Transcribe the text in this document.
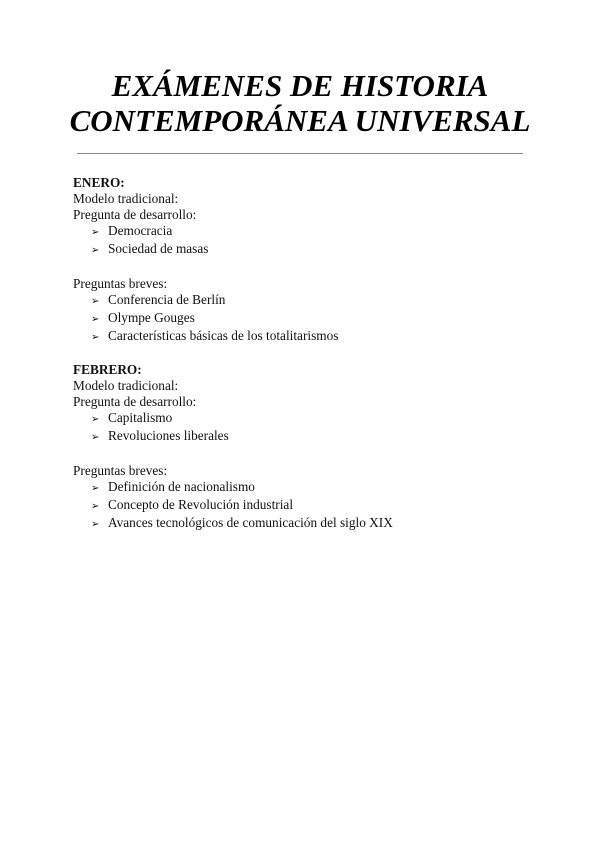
EXÁMENES DE HISTORIA
CONTEMPORÁNEA UNIVERSAL
ENERO:
Modelo tradicional:
Pregunta de desarrollo:
➢ Democracia
➢ Sociedad de masas
Preguntas breves:
➢ Conferencia de Berlín
➢ Olympe Gouges
➢ Características básicas de los totalitarismos
FEBRERO:
Modelo tradicional:
Pregunta de desarrollo:
➢ Capitalismo
➢ Revoluciones liberales
Preguntas breves:
➢ Definición de nacionalismo
➢ Concepto de Revolución industrial
➢ Avances tecnológicos de comunicación del siglo XIX
